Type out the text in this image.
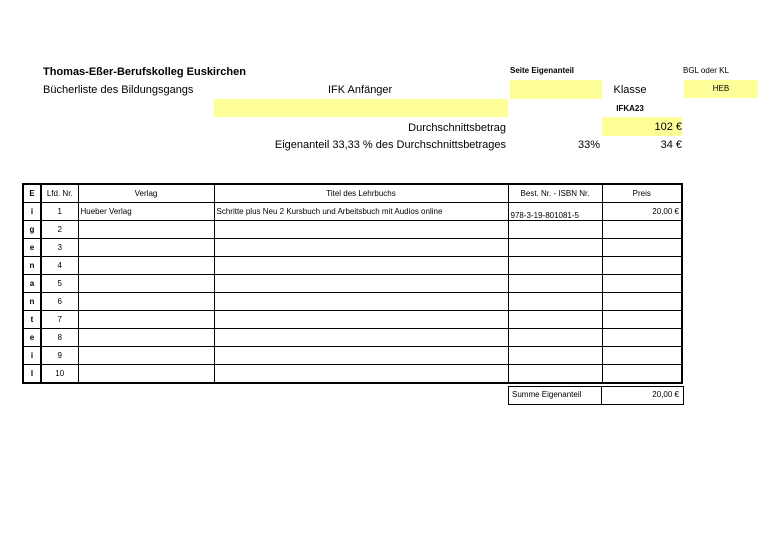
Thomas-Eßer-Berufskolleg Euskirchen
Bücherliste des Bildungsgangs	IFK Anfänger
Seite Eigenanteil	BGL oder KL
HEB
Klasse
IFKA23
Durchschnittsbetrag	102 €
Eigenanteil 33,33 % des Durchschnittsbetrages	33%	34 €
E	Lfd. Nr.	Verlag	Titel des Lehrbuchs	Best. Nr. - ISBN Nr.	Preis
i	1	Hueber Verlag	Schritte plus Neu 2 Kursbuch und Arbeitsbuch mit Audios online	978-3-19-801081-5	20,00 €
g	2				
e	3				
n	4				
a	5				
n	6				
t	7				
e	8				
i	9				
l	10				
Summe Eigenanteil	20,00 €
